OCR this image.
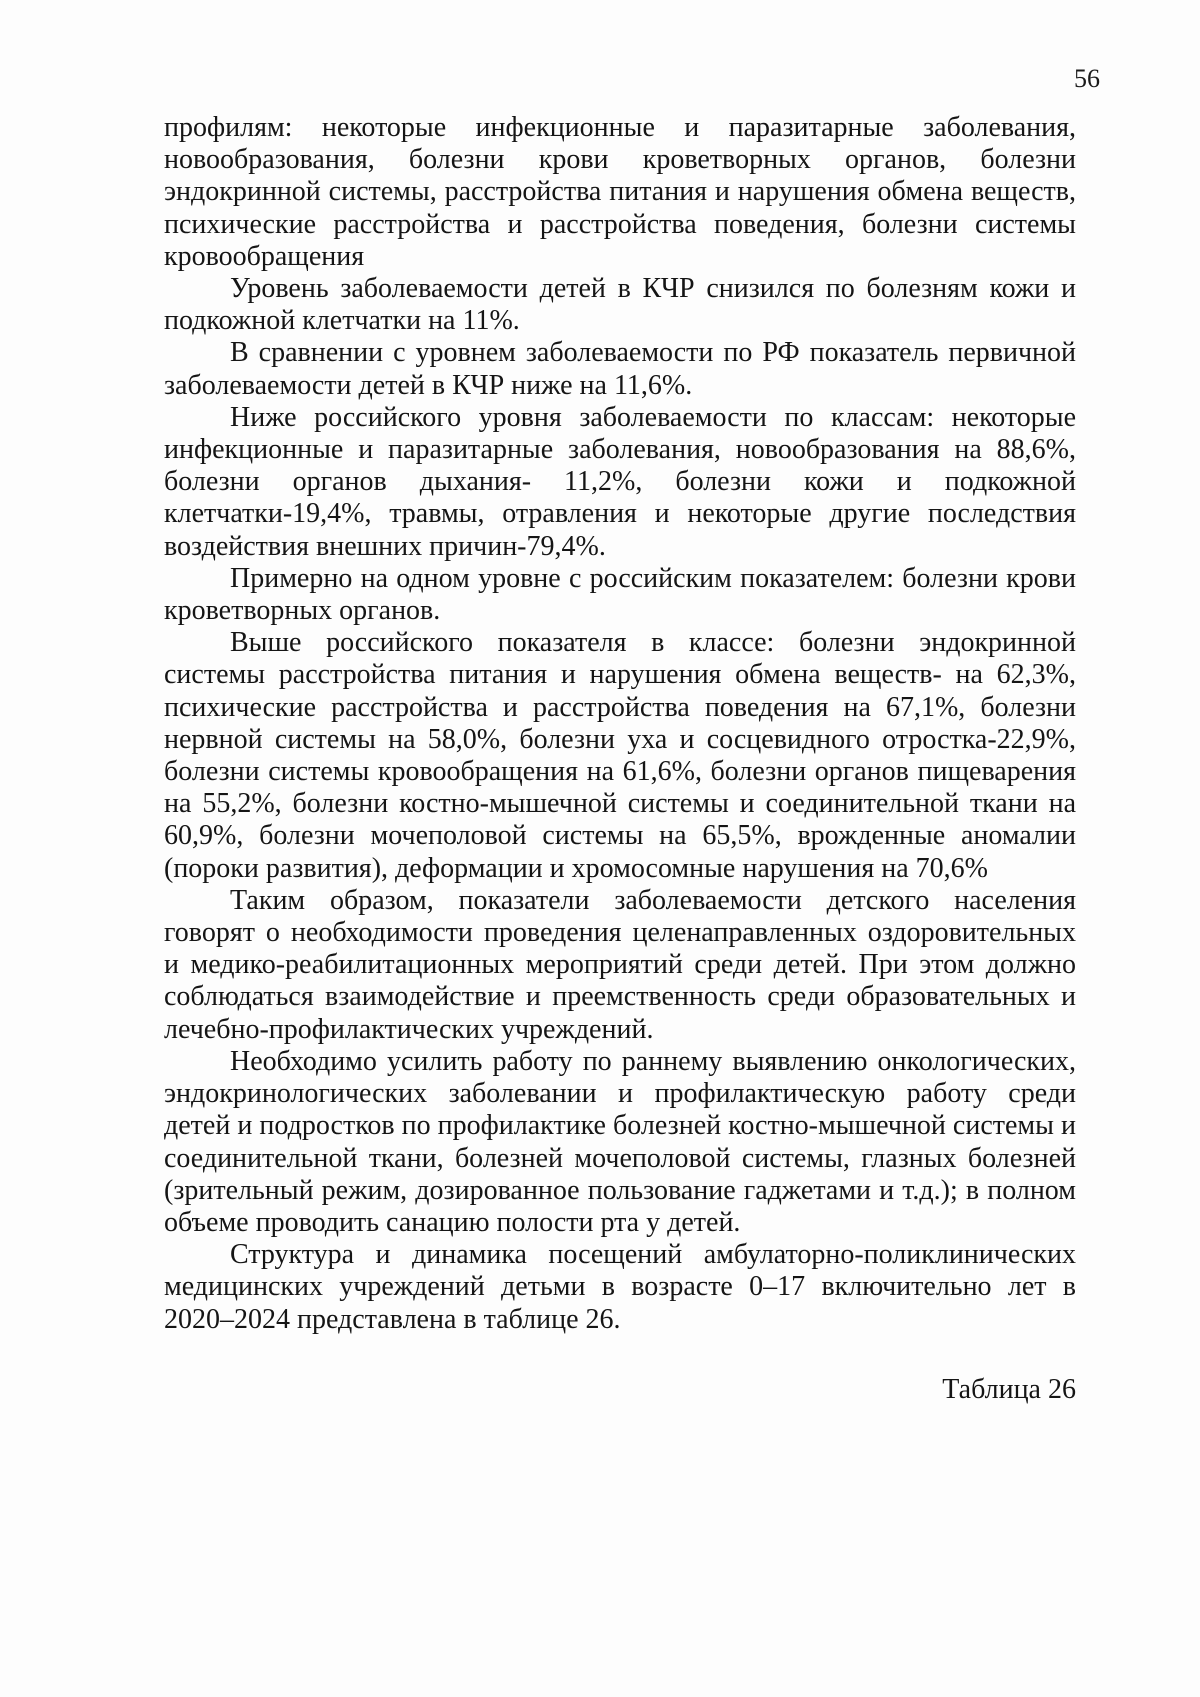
56

профилям: некоторые инфекционные и паразитарные заболевания, новообразования, болезни крови кроветворных органов, болезни эндокринной системы, расстройства питания и нарушения обмена веществ, психические расстройства и расстройства поведения, болезни системы кровообращения

Уровень заболеваемости детей в КЧР снизился по болезням кожи и подкожной клетчатки на 11%.

В сравнении с уровнем заболеваемости по РФ показатель первичной заболеваемости детей в КЧР ниже на 11,6%.

Ниже российского уровня заболеваемости по классам: некоторые инфекционные и паразитарные заболевания, новообразования на 88,6%, болезни органов дыхания- 11,2%, болезни кожи и подкожной клетчатки-19,4%, травмы, отравления и некоторые другие последствия воздействия внешних причин-79,4%.

Примерно на одном уровне с российским показателем: болезни крови кроветворных органов.

Выше российского показателя в классе: болезни эндокринной системы расстройства питания и нарушения обмена веществ- на 62,3%, психические расстройства и расстройства поведения на 67,1%, болезни нервной системы на 58,0%, болезни уха и сосцевидного отростка-22,9%, болезни системы кровообращения на 61,6%, болезни органов пищеварения на 55,2%, болезни костно-мышечной системы и соединительной ткани на 60,9%, болезни мочеполовой системы на 65,5%, врожденные аномалии (пороки развития), деформации и хромосомные нарушения на 70,6%

Таким образом, показатели заболеваемости детского населения говорят о необходимости проведения целенаправленных оздоровительных и медико-реабилитационных мероприятий среди детей. При этом должно соблюдаться взаимодействие и преемственность среди образовательных и лечебно-профилактических учреждений.

Необходимо усилить работу по раннему выявлению онкологических, эндокринологических заболевании и профилактическую работу среди детей и подростков по профилактике болезней костно-мышечной системы и соединительной ткани, болезней мочеполовой системы, глазных болезней (зрительный режим, дозированное пользование гаджетами и т.д.); в полном объеме проводить санацию полости рта у детей.

Структура и динамика посещений амбулаторно-поликлинических медицинских учреждений детьми в возрасте 0–17 включительно лет в 2020–2024 представлена в таблице 26.

Таблица 26
